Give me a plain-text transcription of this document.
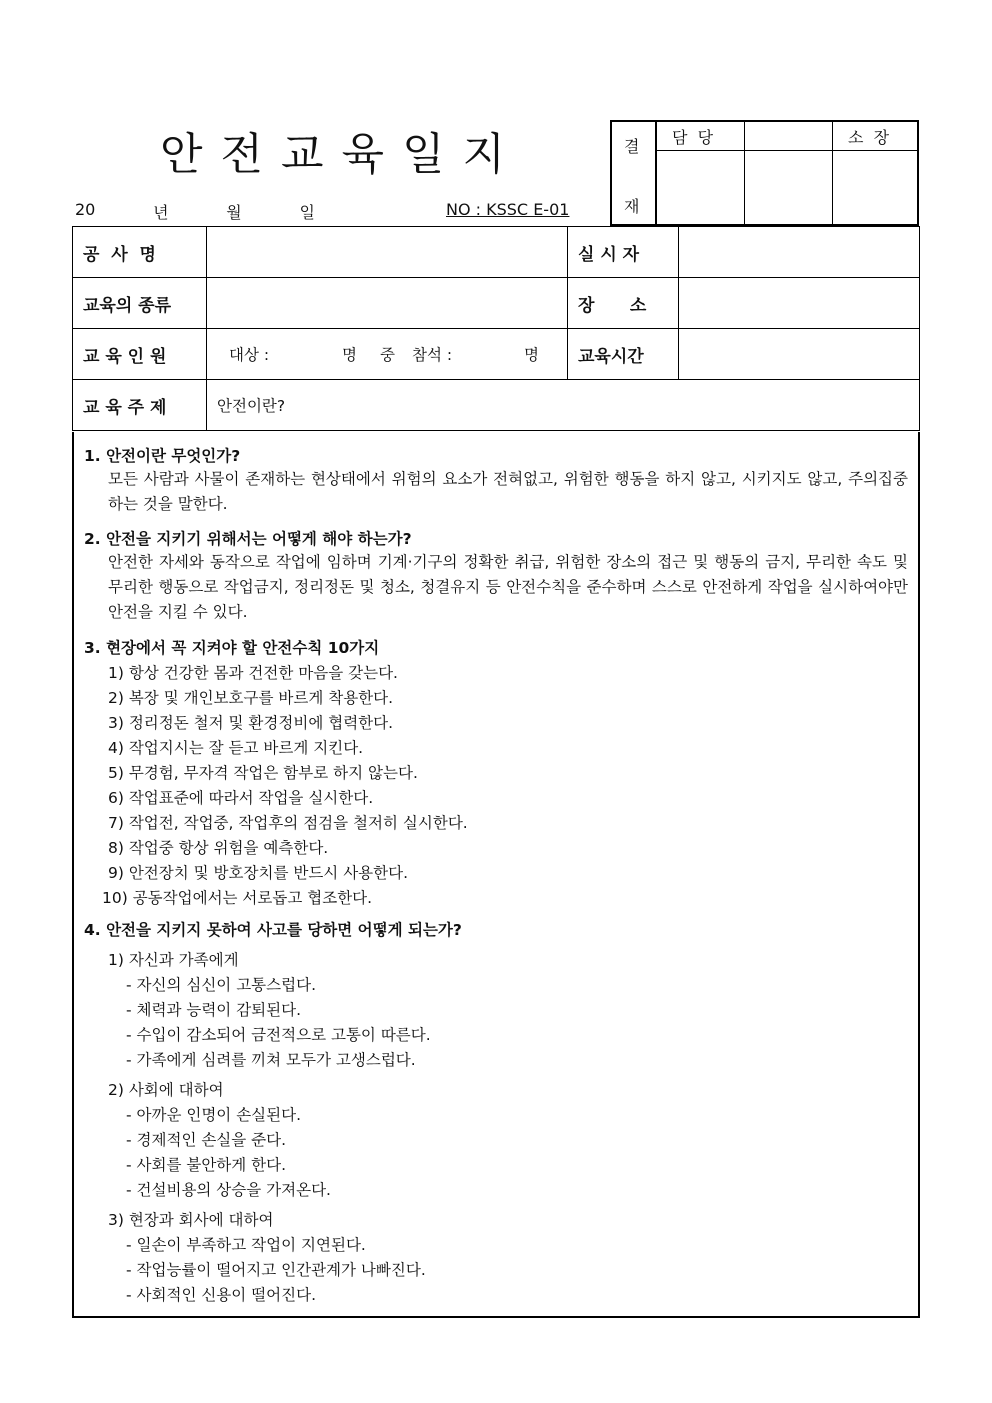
안전교육일지
20	년	월	일	NO : KSSC E-01
결
재
담  당	소  장
공  사  명		실 시 자	
교육의 종류		장      소	
교 육 인 원	대상 : 명 중 참석 : 명	교육시간	
교 육 주 제	안전이란?		
1. 안전이란 무엇인가?
모든 사람과 사물이 존재하는 현상태에서 위험의 요소가 전혀없고, 위험한 행동을 하지 않고, 시키지도 않고, 주의집중하는 것을 말한다.
2. 안전을 지키기 위해서는 어떻게 해야 하는가?
안전한 자세와 동작으로 작업에 임하며 기계·기구의 정확한 취급, 위험한 장소의 접근 및 행동의 금지, 무리한 속도 및 무리한 행동으로 작업금지, 정리정돈 및 청소, 청결유지 등 안전수칙을 준수하며 스스로 안전하게 작업을 실시하여야만 안전을 지킬 수 있다.
3. 현장에서 꼭 지켜야 할 안전수칙 10가지
1) 항상 건강한 몸과 건전한 마음을 갖는다.
2) 복장 및 개인보호구를 바르게 착용한다.
3) 정리정돈 철저 및 환경정비에 협력한다.
4) 작업지시는 잘 듣고 바르게 지킨다.
5) 무경험, 무자격 작업은 함부로 하지 않는다.
6) 작업표준에 따라서 작업을 실시한다.
7) 작업전, 작업중, 작업후의 점검을 철저히 실시한다.
8) 작업중 항상 위험을 예측한다.
9) 안전장치 및 방호장치를 반드시 사용한다.
10) 공동작업에서는 서로돕고 협조한다.
4. 안전을 지키지 못하여 사고를 당하면 어떻게 되는가?
1) 자신과 가족에게
- 자신의 심신이 고통스럽다.
- 체력과 능력이 감퇴된다.
- 수입이 감소되어 금전적으로 고통이 따른다.
- 가족에게 심려를 끼쳐 모두가 고생스럽다.
2) 사회에 대하여
- 아까운 인명이 손실된다.
- 경제적인 손실을 준다.
- 사회를 불안하게 한다.
- 건설비용의 상승을 가져온다.
3) 현장과 회사에 대하여
- 일손이 부족하고 작업이 지연된다.
- 작업능률이 떨어지고 인간관계가 나빠진다.
- 사회적인 신용이 떨어진다.
